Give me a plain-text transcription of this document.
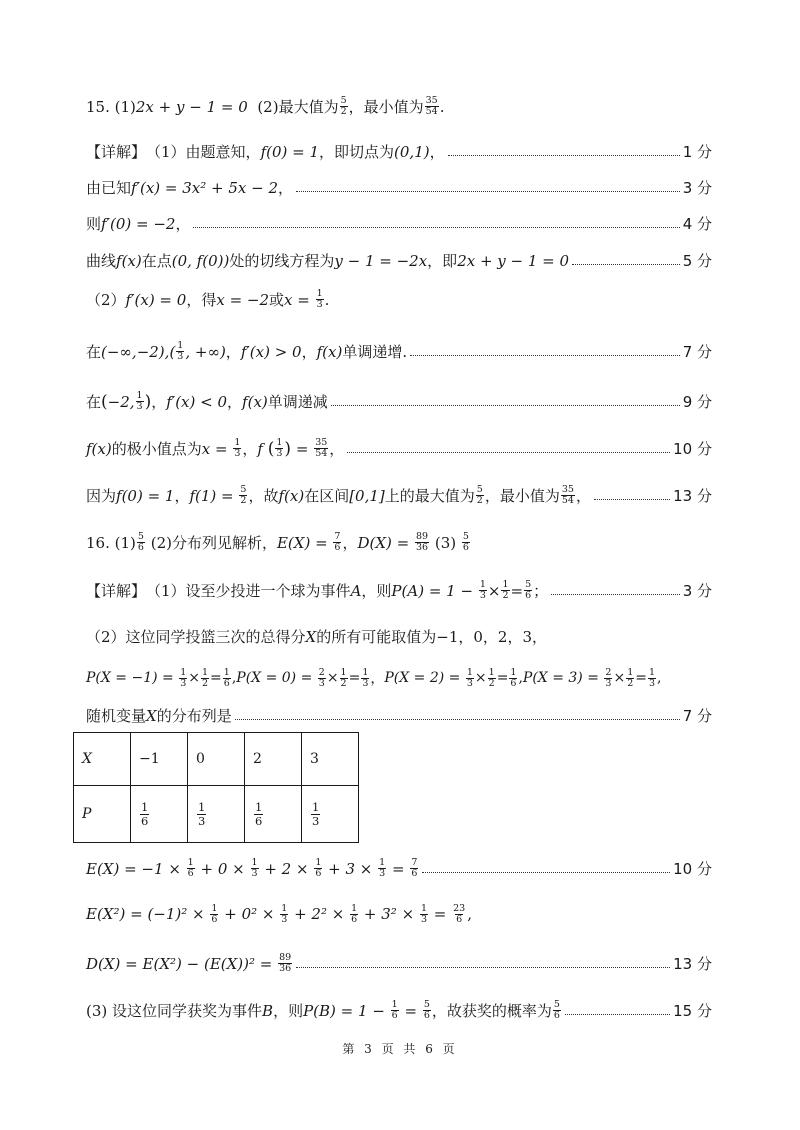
15.
(1) 2x + y − 1 = 0
(2)最大值为 5
2 ，最小值为 35
54 .
【详解】 （1）由题意知， f(0) = 1 ，即切点为 (0,1) ，	1 分
由已知 f′(x) = 3x² + 5x − 2 ，	3 分
则 f′(0) = −2 ，	4 分
曲线 f(x) 在点 (0, f(0)) 处的切线方程为 y − 1 = −2x ，即 2x + y − 1 = 0	5 分
（2） f′(x) = 0 ，得 x = −2 或 x =
$\frac{1}{3}$ .
在 (−∞,−2), ( 1
3 , +∞) ， f′(x) > 0 ， f(x) 单调递增.	7 分
在 ( −2, 1
3 ) ， f′(x) < 0 ， f(x) 单调递减	9 分
f(x) 的极小值点为 x =
$\frac{1}{3}$ ， f
( 1
3 )
=
$\frac{35}{54}$ ，	10 分
因为 f(0) = 1 ， f(1) =
$\frac{5}{2}$ ，故 f(x) 在区间 [0,1] 上的最大值为 5
2 ，最小值为 35
54 ，	13 分
16.
(1) 5
6
(2)分布列见解析， E(X) =
$\frac{7}{6}$ ， D(X) =
$\frac{89}{36}$
(3)
5
6
【详解】 （1）设至少投进一个球为事件 A ，则 P(A) = 1 −
$\frac{1}{3} \times \frac{1}{2} = \frac{5}{6}$ ；	3 分
（2）这位同学投篮三次的总得分 X 的所有可能取值为 −1，0，2，3，
P(X = −1) =
$\frac{1}{3} \times \frac{1}{2} = \frac{1}{6}$ , P(X = 0) =
$\frac{2}{3} \times \frac{1}{2} = \frac{1}{3}$ ， P(X = 2) =
$\frac{1}{3} \times \frac{1}{2} = \frac{1}{6}$ , P(X = 3) =
$\frac{2}{3} \times \frac{1}{2} = \frac{1}{3}$ ,
随机变量 X 的分布列是	7 分
X	−1	0	2	3
P	$\frac{1}{6}$	$\frac{1}{3}$	$\frac{1}{6}$	$\frac{1}{3}$
E(X) = −1 ×
$\frac{1}{6}$
+ 0 ×
$\frac{1}{3}$
+ 2 ×
$\frac{1}{6}$
+ 3 ×
$\frac{1}{3}$
=
$\frac{7}{6}$	10 分
E(X²) = (−1)² ×
$\frac{1}{6}$
+ 0² ×
$\frac{1}{3}$
+ 2² ×
$\frac{1}{6}$
+ 3² ×
$\frac{1}{3}$
=
$\frac{23}{6}$ ,
D(X) = E(X²) − (E(X))² =
$\frac{89}{36}$	13 分
(3) 设这位同学获奖为事件 B ，则 P(B) = 1 −
$\frac{1}{6}$
=
$\frac{5}{6}$ ，故获奖的概率为 5
6	15 分
第 3 页 共 6 页
